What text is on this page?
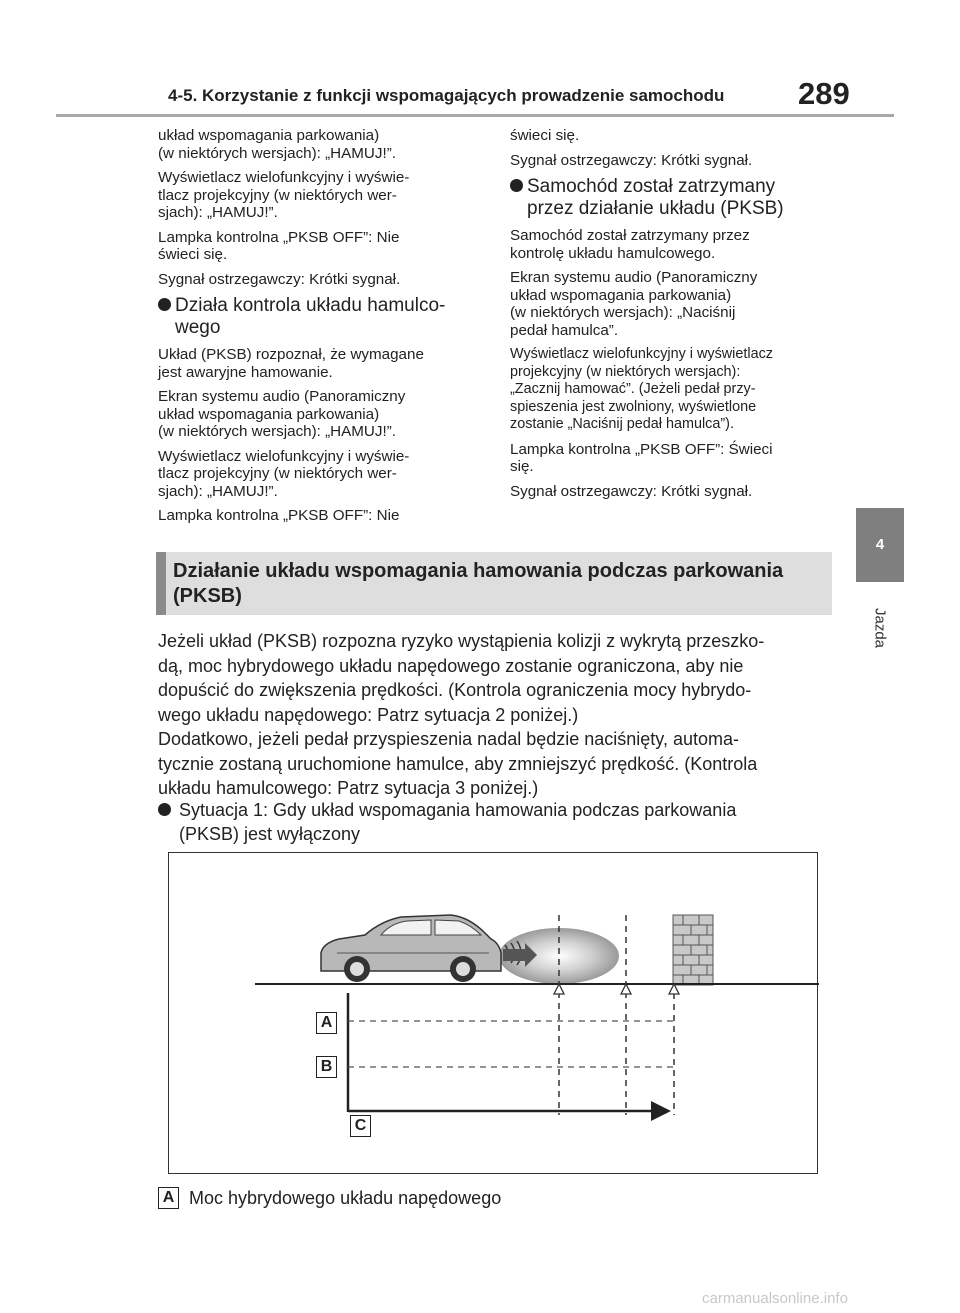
4-5. Korzystanie z funkcji wspomagających prowadzenie samochodu 289
4
Jazda

układ wspomagania parkowania)
(w niektórych wersjach): „HAMUJ!”.

Wyświetlacz wielofunkcyjny i wyświe-
tlacz projekcyjny (w niektórych wer-
sjach): „HAMUJ!”.

Lampka kontrolna „PKSB OFF”: Nie
świeci się.

Sygnał ostrzegawczy: Krótki sygnał.

Działa kontrola układu hamulco-
wego

Układ (PKSB) rozpoznał, że wymagane
jest awaryjne hamowanie.

Ekran systemu audio (Panoramiczny
układ wspomagania parkowania)
(w niektórych wersjach): „HAMUJ!”.

Wyświetlacz wielofunkcyjny i wyświe-
tlacz projekcyjny (w niektórych wer-
sjach): „HAMUJ!”.

Lampka kontrolna „PKSB OFF”: Nie

świeci się.

Sygnał ostrzegawczy: Krótki sygnał.

Samochód został zatrzymany
przez działanie układu (PKSB)

Samochód został zatrzymany przez
kontrolę układu hamulcowego.

Ekran systemu audio (Panoramiczny
układ wspomagania parkowania)
(w niektórych wersjach): „Naciśnij
pedał hamulca”.

Wyświetlacz wielofunkcyjny i wyświetlacz
projekcyjny (w niektórych wersjach):
„Zacznij hamować”. (Jeżeli pedał przy-
spieszenia jest zwolniony, wyświetlone
zostanie „Naciśnij pedał hamulca”).

Lampka kontrolna „PKSB OFF”: Świeci
się.

Sygnał ostrzegawczy: Krótki sygnał.

Działanie układu wspomagania hamowania podczas parkowania
(PKSB)
Jeżeli układ (PKSB) rozpozna ryzyko wystąpienia kolizji z wykrytą przeszko-
dą, moc hybrydowego układu napędowego zostanie ograniczona, aby nie
dopuścić do zwiększenia prędkości. (Kontrola ograniczenia mocy hybrydo-
wego układu napędowego: Patrz sytuacja 2 poniżej.)
Dodatkowo, jeżeli pedał przyspieszenia nadal będzie naciśnięty, automa-
tycznie zostaną uruchomione hamulce, aby zmniejszyć prędkość. (Kontrola
układu hamulcowego: Patrz sytuacja 3 poniżej.)
Sytuacja 1: Gdy układ wspomagania hamowania podczas parkowania
(PKSB) jest wyłączony
A
B
C
A Moc hybrydowego układu napędowego
carmanualsonline.info
